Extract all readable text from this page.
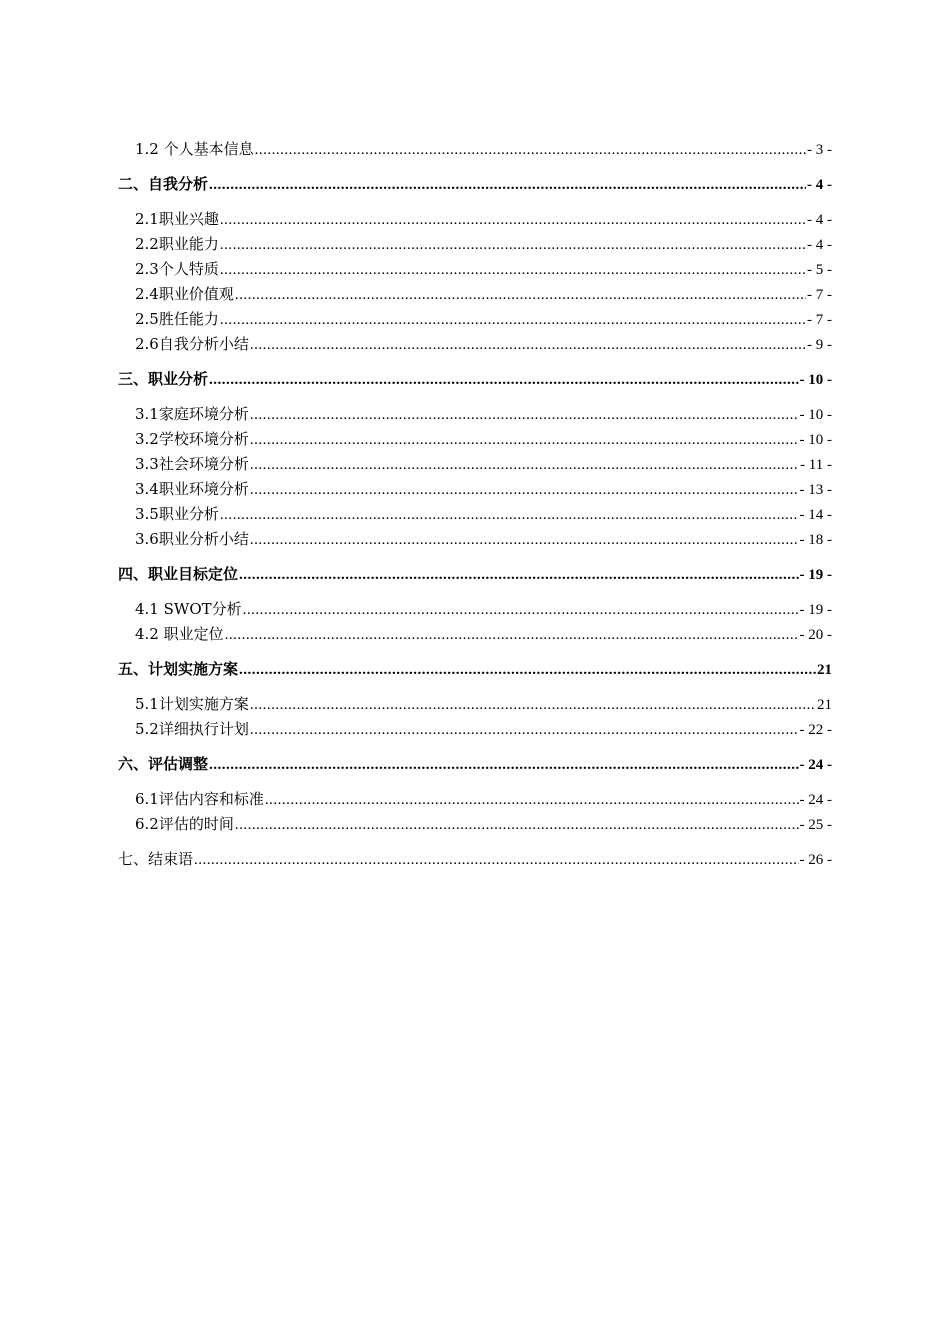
1.2 个人基本信息 .....	- 3 -
二、自我分析 .....	- 4 -
2.1职业兴趣 .....	- 4 -
2.2职业能力 .....	- 4 -
2.3个人特质 .....	- 5 -
2.4职业价值观 .....	- 7 -
2.5胜任能力 .....	- 7 -
2.6自我分析小结 .....	- 9 -
三、职业分析 .....	- 10 -
3.1家庭环境分析 .....	- 10 -
3.2学校环境分析 .....	- 10 -
3.3社会环境分析 .....	- 11 -
3.4职业环境分析 .....	- 13 -
3.5职业分析 .....	- 14 -
3.6职业分析小结 .....	- 18 -
四、职业目标定位 .....	- 19 -
4.1 SWOT分析 .....	- 19 -
4.2 职业定位 .....	- 20 -
五、计划实施方案 .....	21
5.1计划实施方案 .....	21
5.2详细执行计划 .....	- 22 -
六、评估调整 .....	- 24 -
6.1评估内容和标准 .....	- 24 -
6.2评估的时间 .....	- 25 -
七、结束语 .....	- 26 -
